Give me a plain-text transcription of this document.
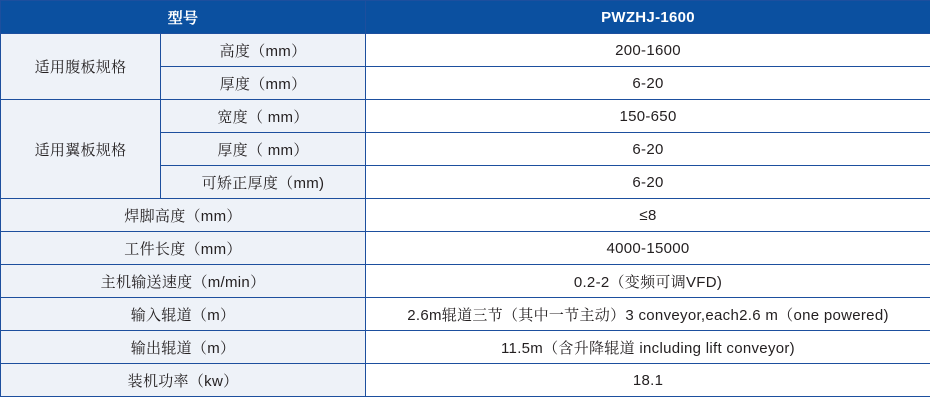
型号		PWZHJ-1600
适用腹板规格	高度（mm）	200-1600
	厚度（mm）	6-20
适用翼板规格	宽度（ mm）	150-650
	厚度（ mm）	6-20
	可矫正厚度（mm)	6-20
焊脚高度（mm）		≤8
工件长度（mm）		4000-15000
主机输送速度（m/min）		0.2-2（变频可调VFD)
输入辊道（m）		2.6m辊道三节（其中一节主动）3 conveyor,each2.6 m（one powered)
输出辊道（m）		11.5m（含升降辊道 including lift conveyor)
装机功率（kw）		18.1
